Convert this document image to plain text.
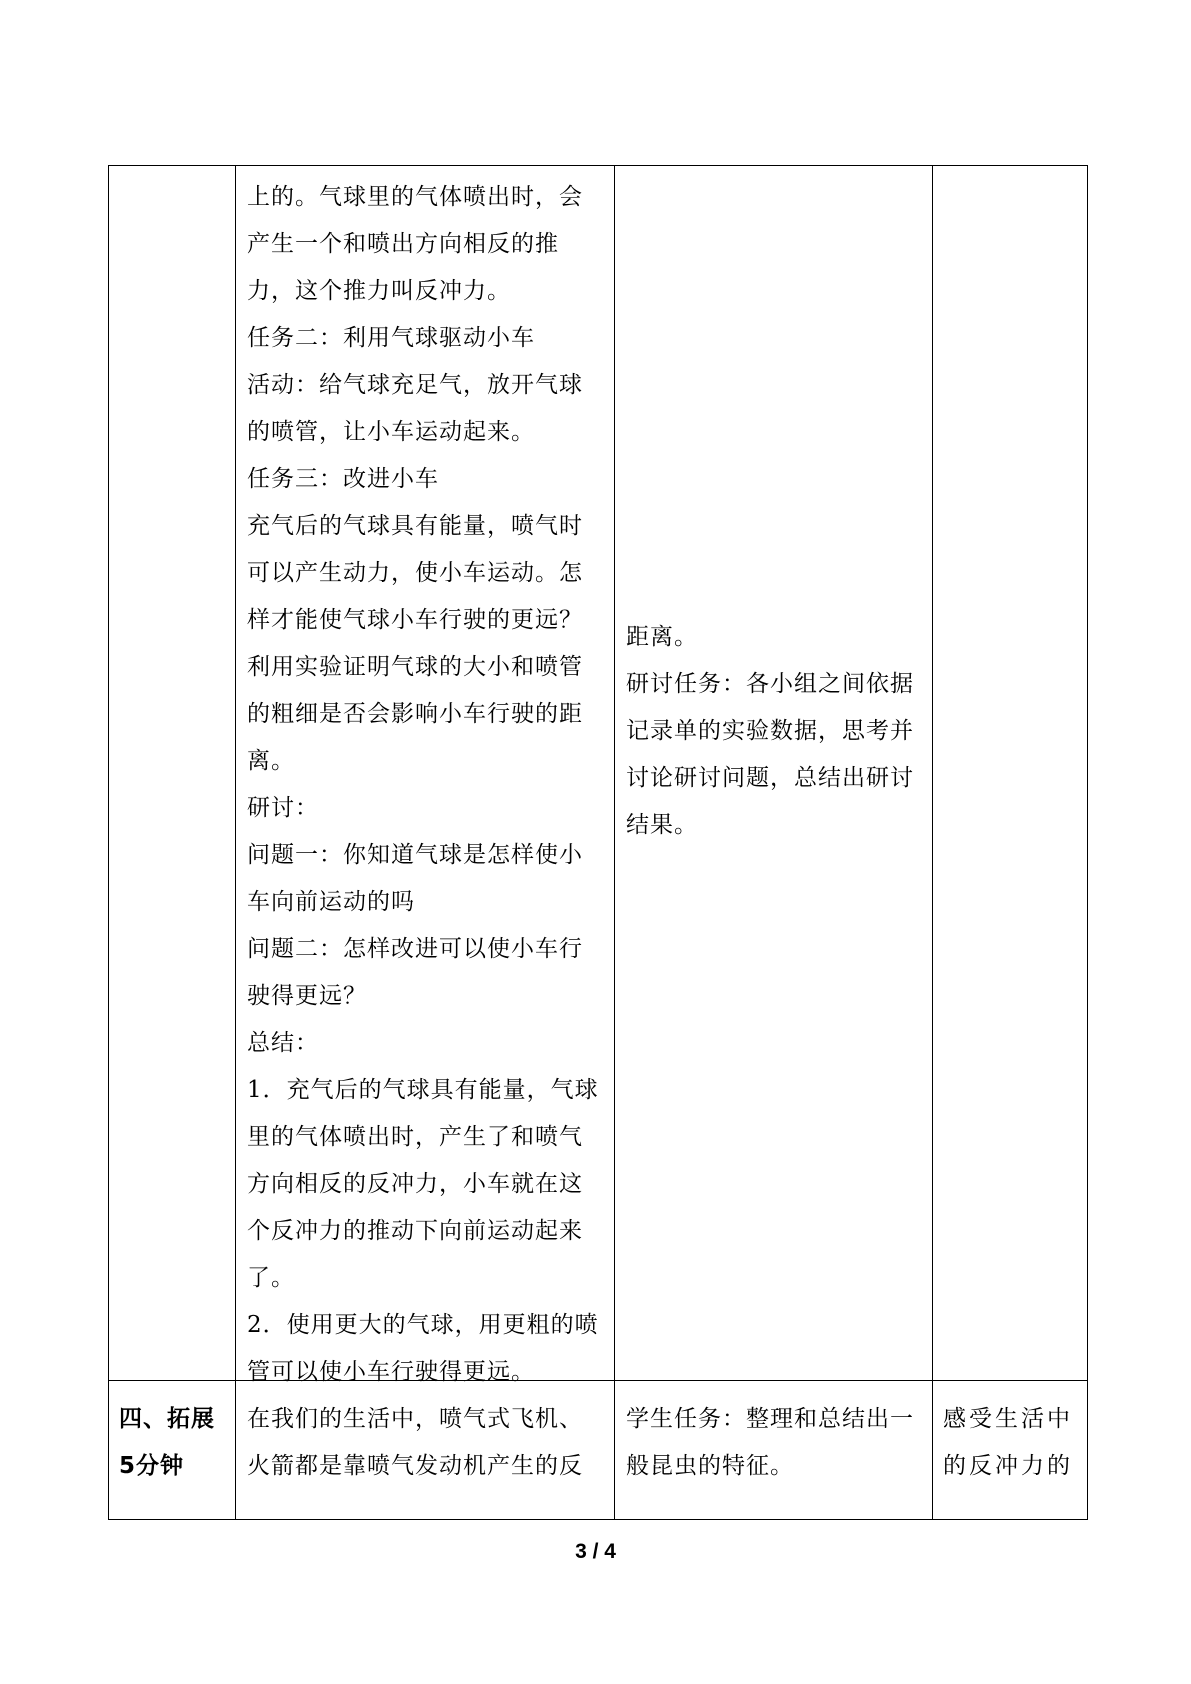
上的。气球里的气体喷出时，会

产生一个和喷出方向相反的推

力，这个推力叫反冲力。

任务二：利用气球驱动小车

活动：给气球充足气，放开气球

的喷管，让小车运动起来。

任务三：改进小车

充气后的气球具有能量，喷气时

可以产生动力，使小车运动。怎

样才能使气球小车行驶的更远？

利用实验证明气球的大小和喷管

的粗细是否会影响小车行驶的距

离。

研讨：

问题一：你知道气球是怎样使小

车向前运动的吗

问题二：怎样改进可以使小车行

驶得更远？

总结：

1．充气后的气球具有能量，气球

里的气体喷出时，产生了和喷气

方向相反的反冲力，小车就在这

个反冲力的推动下向前运动起来

了。

2．使用更大的气球，用更粗的喷

管可以使小车行驶得更远。

距离。

研讨任务：各小组之间依据

记录单的实验数据，思考并

讨论研讨问题，总结出研讨

结果。

四、拓展

5分钟

在我们的生活中，喷气式飞机、

火箭都是靠喷气发动机产生的反

学生任务：整理和总结出一

般昆虫的特征。

感受生活中

的反冲力的

3 / 4
